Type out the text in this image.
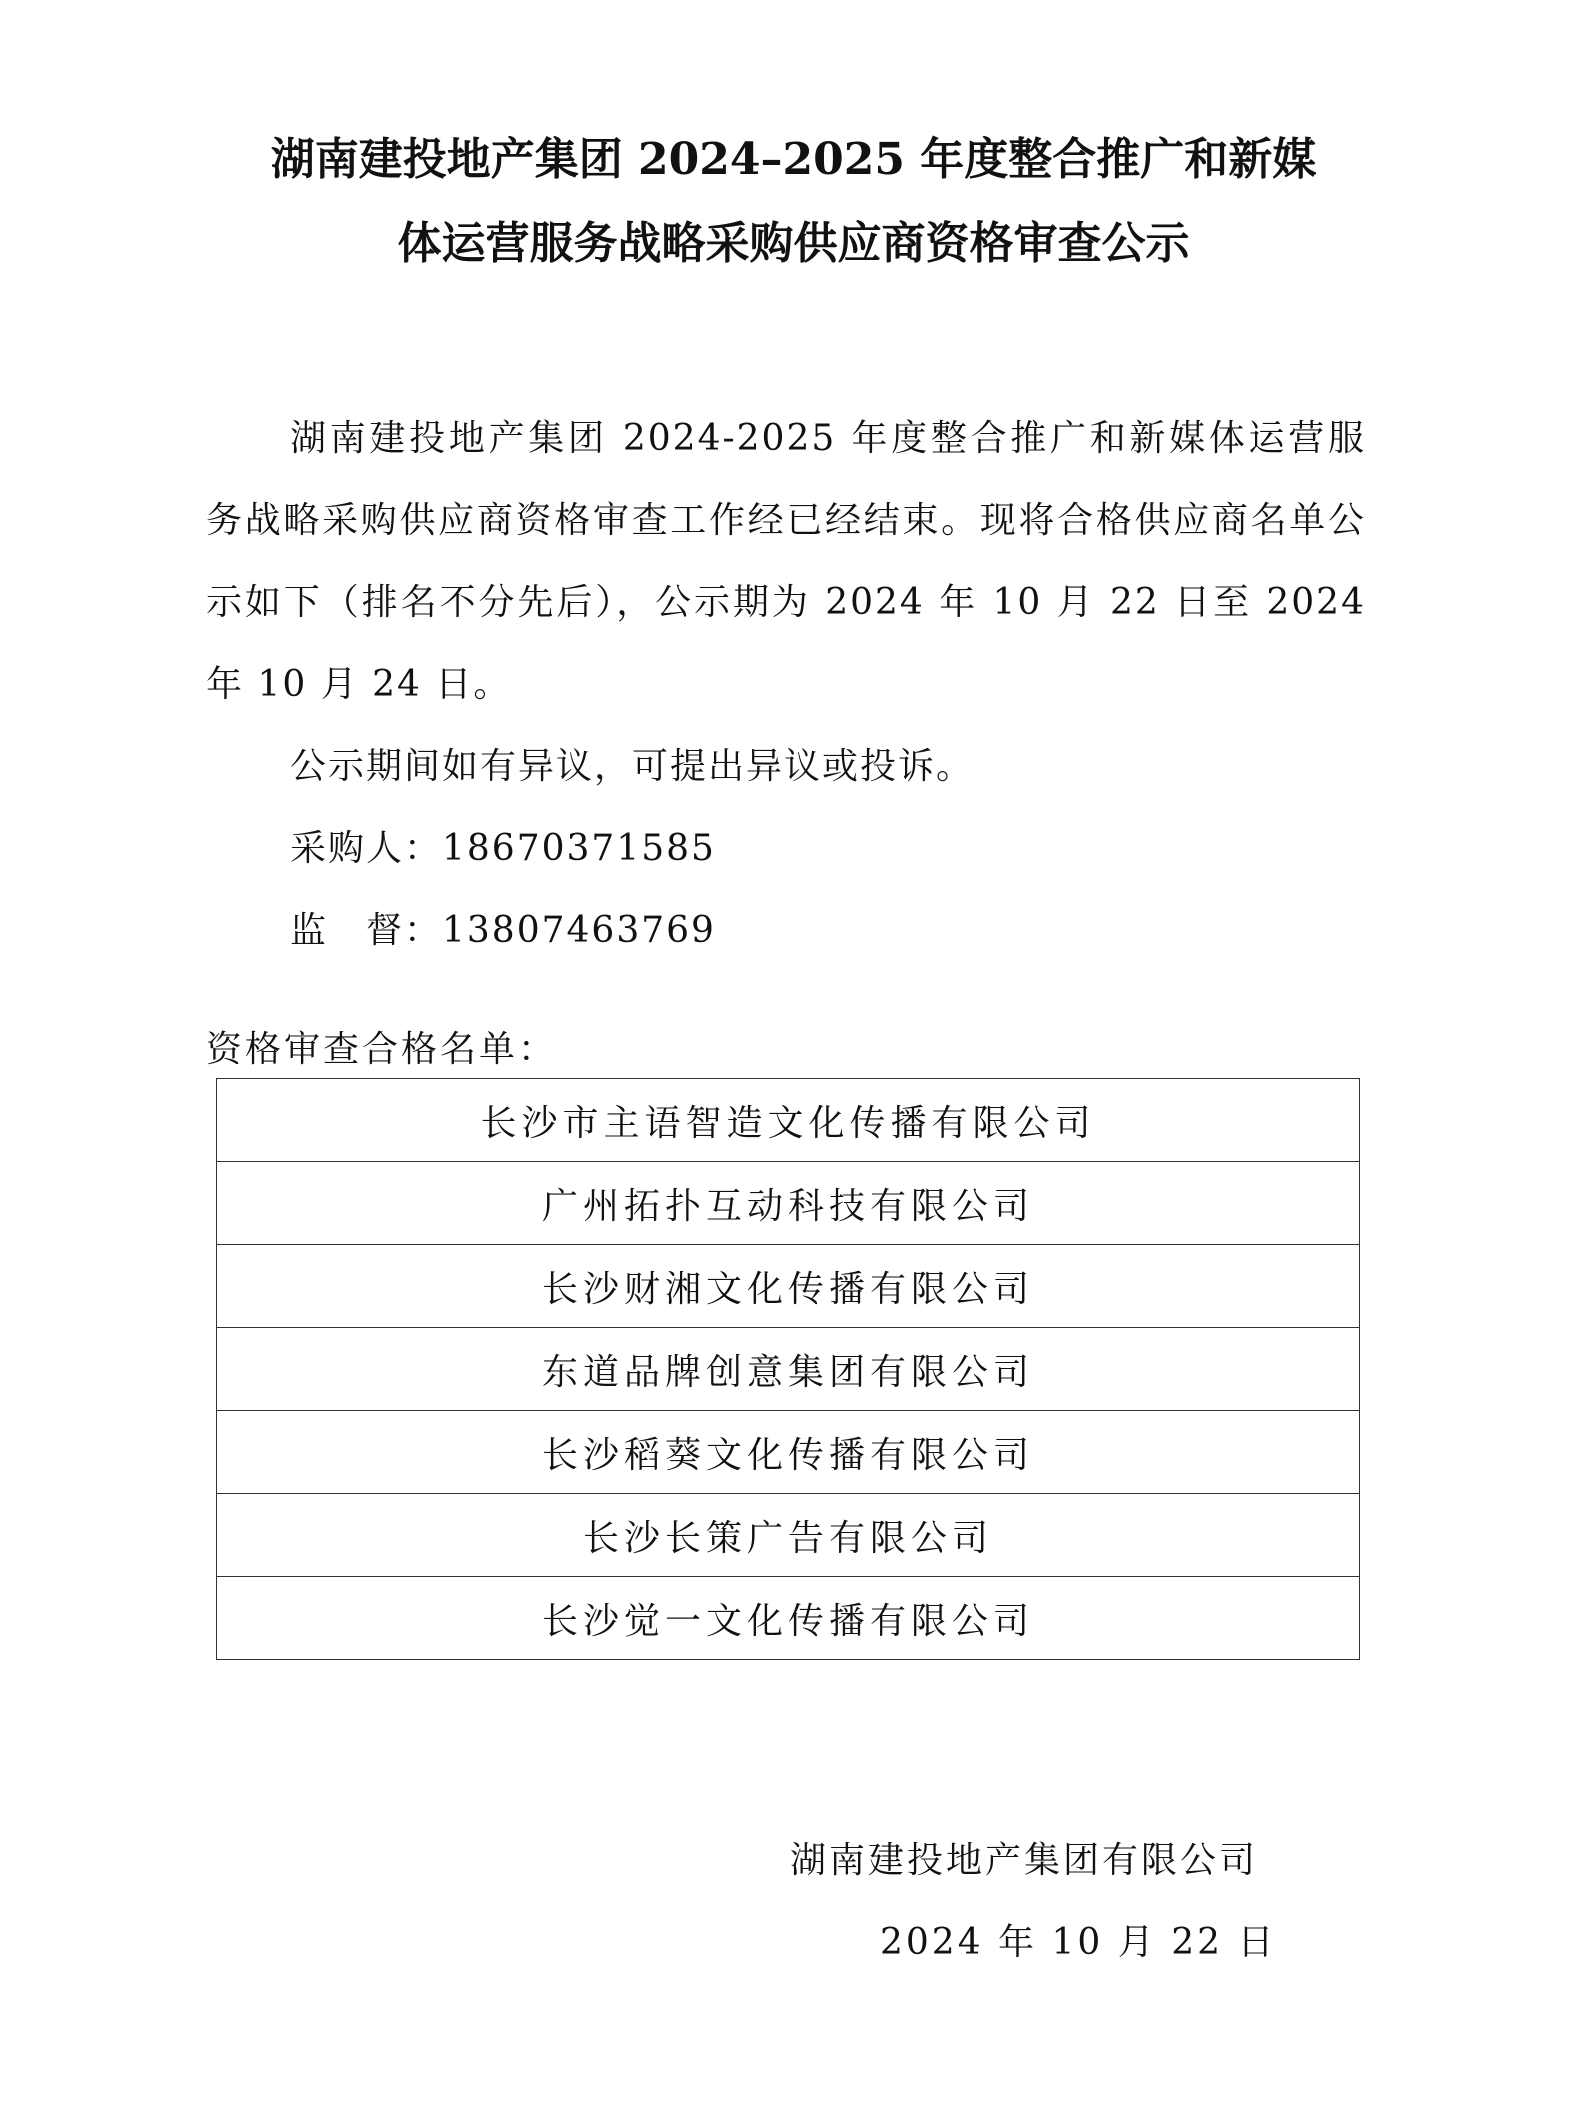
湖南建投地产集团 2024–2025 年度整合推广和新媒
体运营服务战略采购供应商资格审查公示

湖南建投地产集团 2024-2025 年度整合推广和新媒体运营服务战略采购供应商资格审查工作经已经结束。现将合格供应商名单公示如下（排名不分先后），公示期为 2024 年 10 月 22 日至 2024 年 10 月 24 日。

公示期间如有异议，可提出异议或投诉。

采购人：18670371585

监　督：13807463769

资格审查合格名单：
长沙市主语智造文化传播有限公司
广州拓扑互动科技有限公司
长沙财湘文化传播有限公司
东道品牌创意集团有限公司
长沙稻葵文化传播有限公司
长沙长策广告有限公司
长沙觉一文化传播有限公司
湖南建投地产集团有限公司
2024 年 10 月 22 日
